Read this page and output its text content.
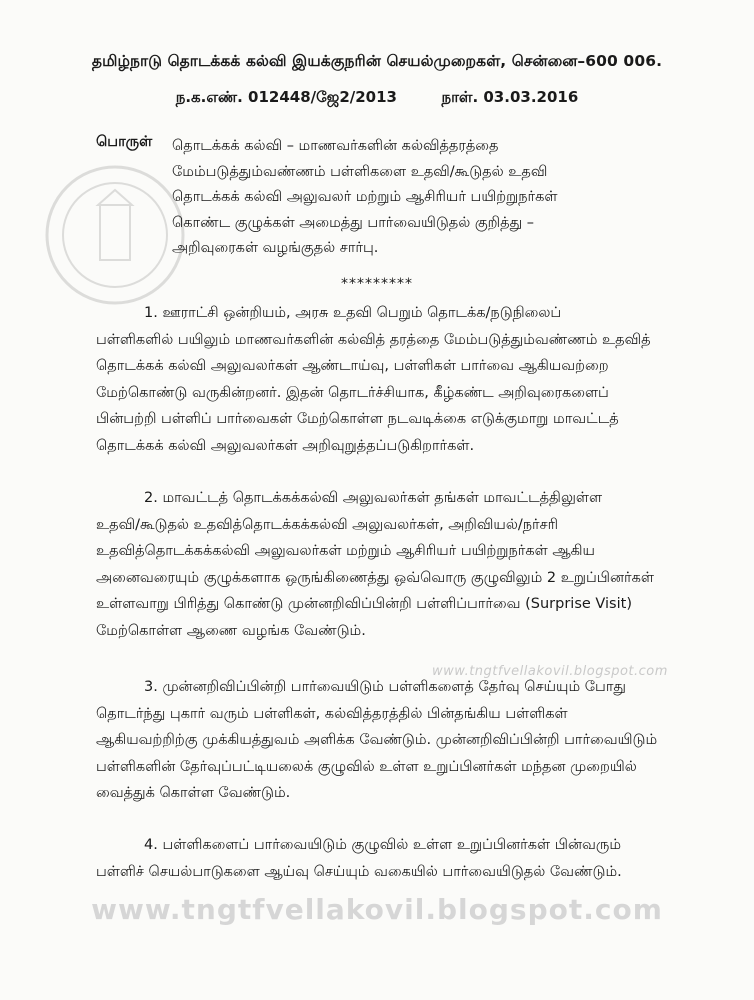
தமிழ்நாடு தொடக்கக் கல்வி இயக்குநரின் செயல்முறைகள், சென்னை–600 006.
ந.க.எண். 012448/ஜே2/2013	நாள். 03.03.2016
பொருள் தொடக்கக் கல்வி – மாணவர்களின் கல்வித்தரத்தை
மேம்படுத்தும்வண்ணம் பள்ளிகளை உதவி/கூடுதல் உதவி
தொடக்கக் கல்வி அலுவலர் மற்றும் ஆசிரியர் பயிற்றுநர்கள்
கொண்ட குழுக்கள் அமைத்து பார்வையிடுதல் குறித்து –
அறிவுரைகள் வழங்குதல் சார்பு.
*********
1. ஊராட்சி ஒன்றியம், அரசு உதவி பெறும் தொடக்க/நடுநிலைப்
பள்ளிகளில் பயிலும் மாணவர்களின் கல்வித் தரத்தை மேம்படுத்தும்வண்ணம் உதவித்
தொடக்கக் கல்வி அலுவலர்கள் ஆண்டாய்வு, பள்ளிகள் பார்வை ஆகியவற்றை
மேற்கொண்டு வருகின்றனர். இதன் தொடர்ச்சியாக, கீழ்கண்ட அறிவுரைகளைப்
பின்பற்றி பள்ளிப் பார்வைகள் மேற்கொள்ள நடவடிக்கை எடுக்குமாறு மாவட்டத்
தொடக்கக் கல்வி அலுவலர்கள் அறிவுறுத்தப்படுகிறார்கள்.
2. மாவட்டத் தொடக்கக்கல்வி அலுவலர்கள் தங்கள் மாவட்டத்திலுள்ள
உதவி/கூடுதல் உதவித்தொடக்கக்கல்வி அலுவலர்கள், அறிவியல்/நர்சரி
உதவித்தொடக்கக்கல்வி அலுவலர்கள் மற்றும் ஆசிரியர் பயிற்றுநர்கள் ஆகிய
அனைவரையும் குழுக்களாக ஒருங்கிணைத்து ஒவ்வொரு குழுவிலும் 2 உறுப்பினர்கள்
உள்ளவாறு பிரித்து கொண்டு முன்னறிவிப்பின்றி பள்ளிப்பார்வை (Surprise Visit)
மேற்கொள்ள ஆணை வழங்க வேண்டும்.
www.tngtfvellakovil.blogspot.com
3. முன்னறிவிப்பின்றி பார்வையிடும் பள்ளிகளைத் தேர்வு செய்யும் போது
தொடர்ந்து புகார் வரும் பள்ளிகள், கல்வித்தரத்தில் பின்தங்கிய பள்ளிகள்
ஆகியவற்றிற்கு முக்கியத்துவம் அளிக்க வேண்டும். முன்னறிவிப்பின்றி பார்வையிடும்
பள்ளிகளின் தேர்வுப்பட்டியலைக் குழுவில் உள்ள உறுப்பினர்கள் மந்தன முறையில்
வைத்துக் கொள்ள வேண்டும்.
4. பள்ளிகளைப் பார்வையிடும் குழுவில் உள்ள உறுப்பினர்கள் பின்வரும்
பள்ளிச் செயல்பாடுகளை ஆய்வு செய்யும் வகையில் பார்வையிடுதல் வேண்டும்.
www.tngtfvellakovil.blogspot.com
